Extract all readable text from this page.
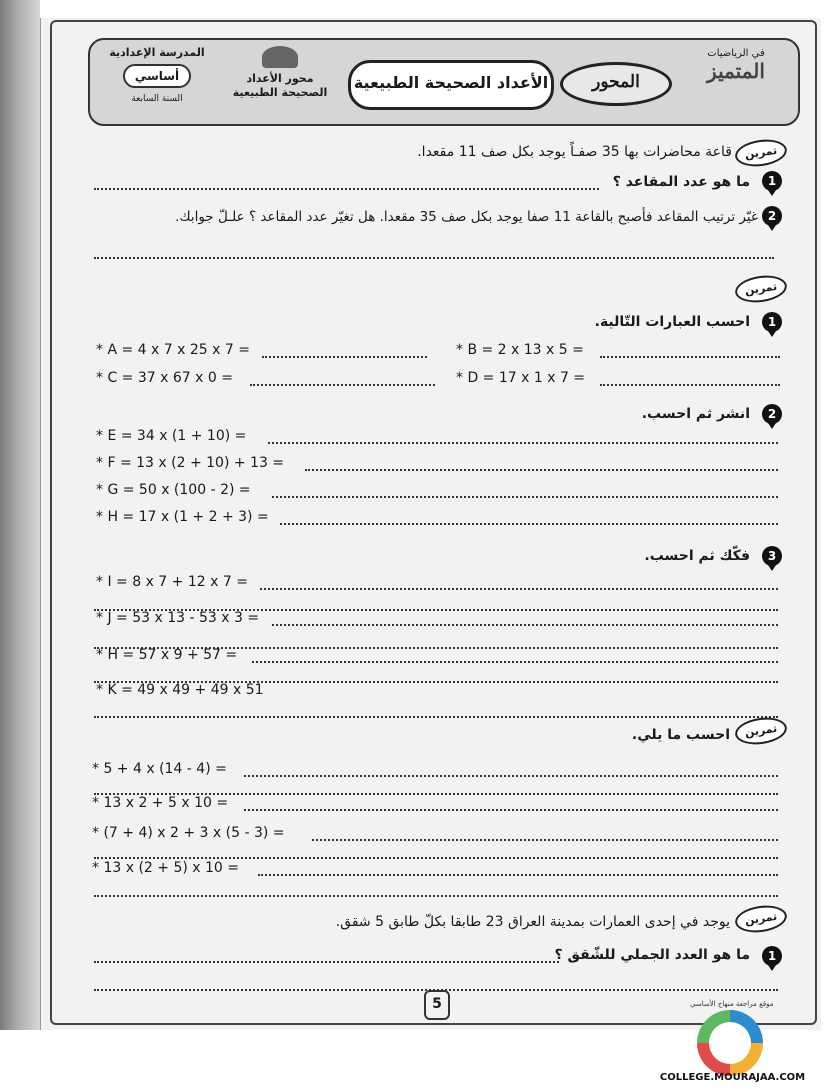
المدرسة الإعدادية
أساسي
السنة السابعة
محور الأعداد
الصحيحة الطبيعية
الأعداد الصحيحة الطبيعية	المحور
في الرياضيات
المتميز
تمرين
قاعة محاضرات بها 35 صفـاً يوجد بكل صف 11 مقعدا.
1
ما هو عدد المقاعد ؟
2
غيّر ترتيب المقاعد فأصبح بالقاعة 11 صفا يوجد بكل صف 35 مقعدا. هل تغيّر عدد المقاعد ؟ علـلّ جوابك.
تمرين
1
احسب العبارات التّالية.
* A = 4 x 7 x 25 x 7 =	* B = 2 x 13 x 5 =
* C = 37 x 67 x 0 =	* D = 17 x 1 x 7 =
2
انشر ثم احسب.
* E = 34 x (1 + 10) =
* F = 13 x (2 + 10) + 13 =
* G = 50 x (100 - 2) =
* H = 17 x (1 + 2 + 3) =
3
فكّك ثم احسب.
* I = 8 x 7 + 12 x 7 =
* J = 53 x 13 - 53 x 3 =
* H = 57 x 9 + 57 =
* K = 49 x 49 + 49 x 51
تمرين
احسب ما يلي.
* 5 + 4 x (14 - 4) =
* 13 x 2 + 5 x 10 =
* (7 + 4) x 2 + 3 x (5 - 3) =
* 13 x (2 + 5) x 10 =
تمرين
يوجد في إحدى العمارات بمدينة العراق 23 طابقا بكلّ طابق 5 شقق.
1
ما هو العدد الجملي للشّقق ؟
5	موقع مراجعة منهاج الأساسي
COLLEGE.MOURAJAA.COM
